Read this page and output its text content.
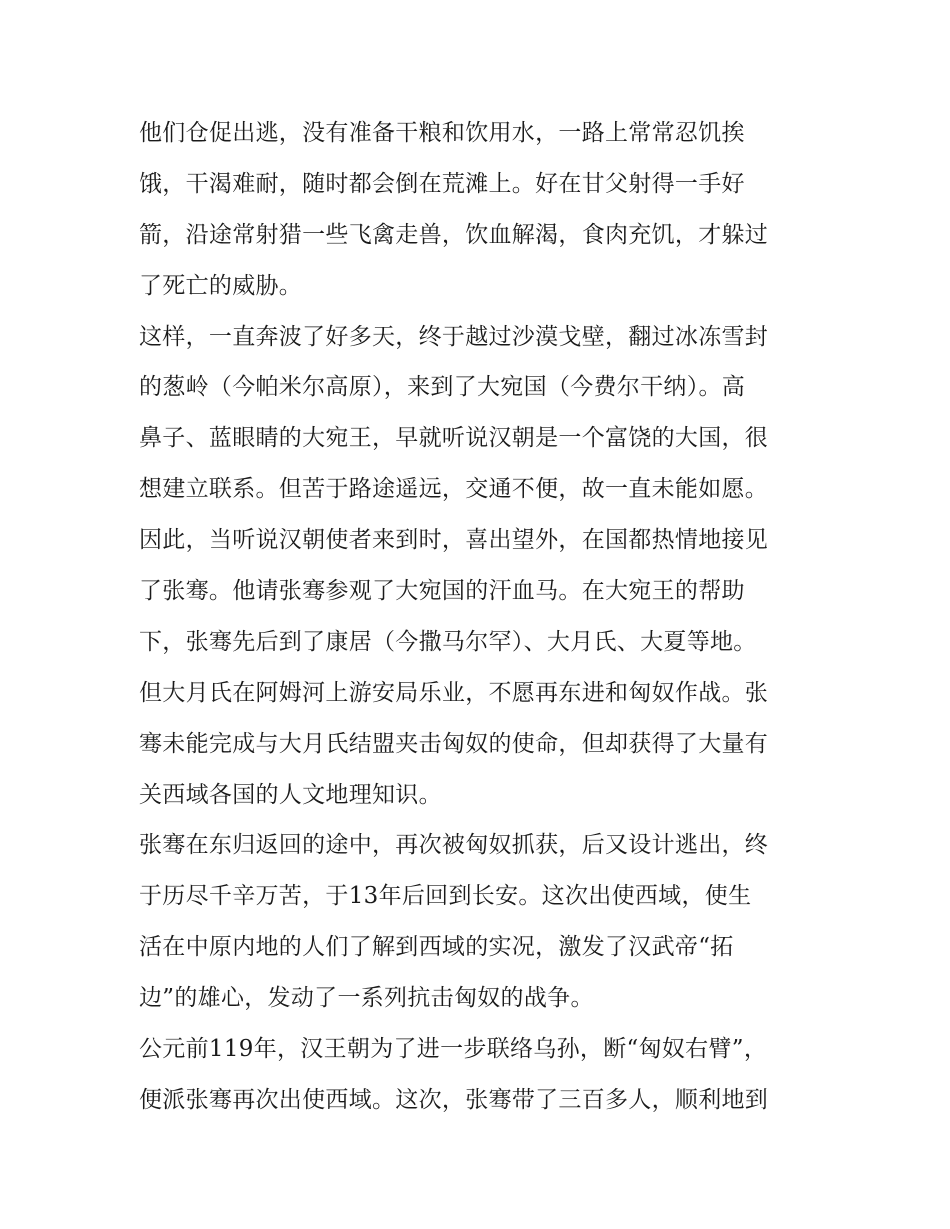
他们仓促出逃，没有准备干粮和饮用水，一路上常常忍饥挨
饿，干渴难耐，随时都会倒在荒滩上。好在甘父射得一手好
箭，沿途常射猎一些飞禽走兽，饮血解渴，食肉充饥，才躲过
了死亡的威胁。
这样，一直奔波了好多天，终于越过沙漠戈壁，翻过冰冻雪封
的葱岭（今帕米尔高原），来到了大宛国（今费尔干纳）。高
鼻子、蓝眼睛的大宛王，早就听说汉朝是一个富饶的大国，很
想建立联系。但苦于路途遥远，交通不便，故一直未能如愿。
因此，当听说汉朝使者来到时，喜出望外，在国都热情地接见
了张骞。他请张骞参观了大宛国的汗血马。在大宛王的帮助
下，张骞先后到了康居（今撒马尔罕）、大月氏、大夏等地。
但大月氏在阿姆河上游安局乐业，不愿再东进和匈奴作战。张
骞未能完成与大月氏结盟夹击匈奴的使命，但却获得了大量有
关西域各国的人文地理知识。
张骞在东归返回的途中，再次被匈奴抓获，后又设计逃出，终
于历尽千辛万苦，于13年后回到长安。这次出使西域，使生
活在中原内地的人们了解到西域的实况，激发了汉武帝“拓
边”的雄心，发动了一系列抗击匈奴的战争。
公元前119年，汉王朝为了进一步联络乌孙，断“匈奴右臂”，
便派张骞再次出使西域。这次，张骞带了三百多人，顺利地到
